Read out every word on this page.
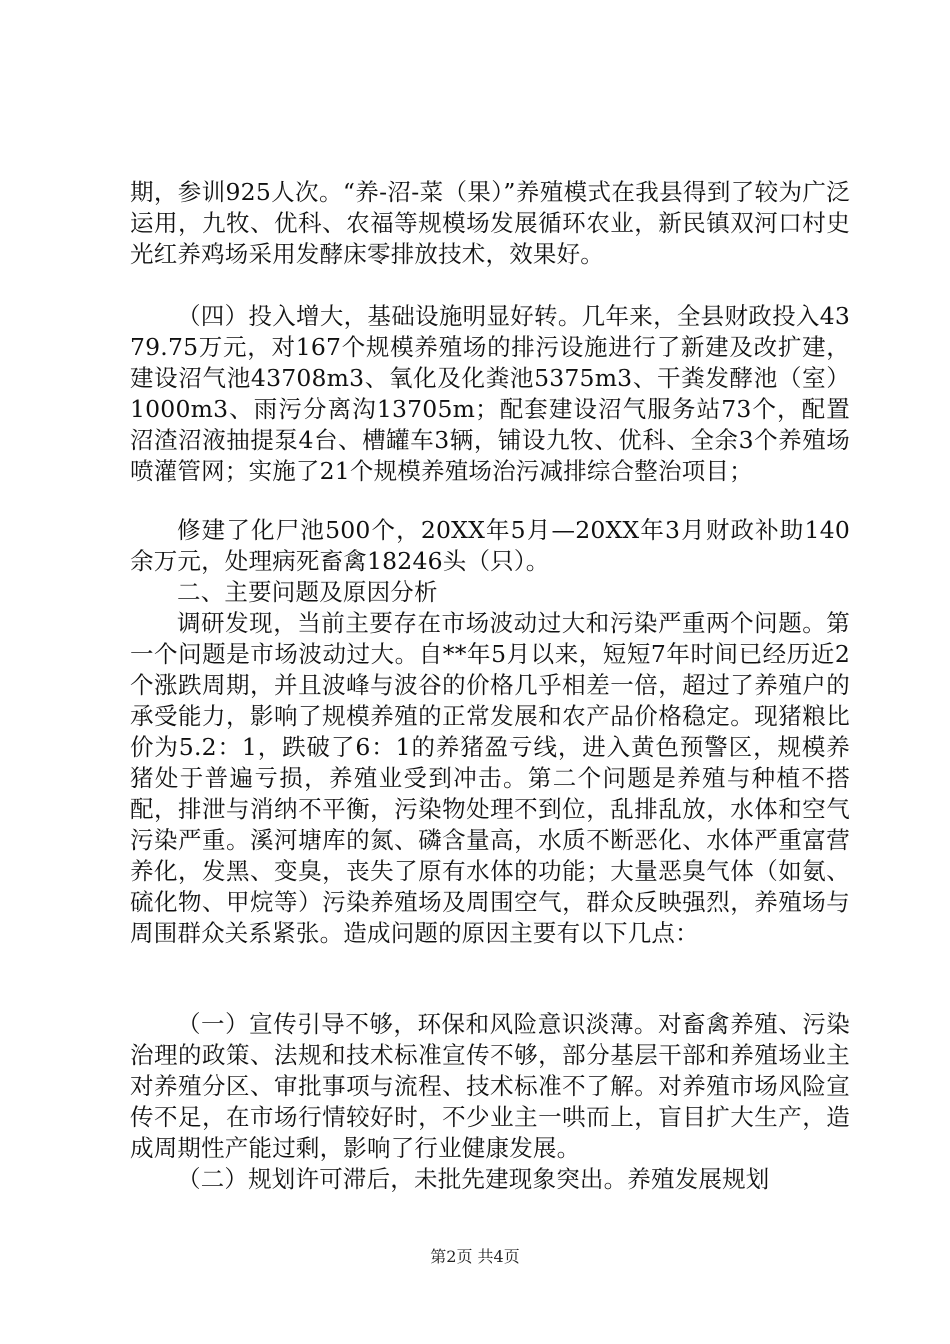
期，参训925人次。“养-沼-菜（果）”养殖模式在我县得到了较为广泛运用，九牧、优科、农福等规模场发展循环农业，新民镇双河口村史光红养鸡场采用发酵床零排放技术，效果好。

（四）投入增大，基础设施明显好转。几年来，全县财政投入4379.75万元，对167个规模养殖场的排污设施进行了新建及改扩建，建设沼气池43708m3、氧化及化粪池5375m3、干粪发酵池（室）1000m3、雨污分离沟13705m；配套建设沼气服务站73个，配置沼渣沼液抽提泵4台、槽罐车3辆，铺设九牧、优科、全余3个养殖场喷灌管网；实施了21个规模养殖场治污减排综合整治项目；

修建了化尸池500个，20XX年5月—20XX年3月财政补助140余万元，处理病死畜禽18246头（只）。

二、主要问题及原因分析

调研发现，当前主要存在市场波动过大和污染严重两个问题。第一个问题是市场波动过大。自**年5月以来，短短7年时间已经历近2个涨跌周期，并且波峰与波谷的价格几乎相差一倍，超过了养殖户的承受能力，影响了规模养殖的正常发展和农产品价格稳定。现猪粮比价为5.2：1，跌破了6：1的养猪盈亏线，进入黄色预警区，规模养猪处于普遍亏损，养殖业受到冲击。第二个问题是养殖与种植不搭配，排泄与消纳不平衡，污染物处理不到位，乱排乱放，水体和空气污染严重。溪河塘库的氮、磷含量高，水质不断恶化、水体严重富营养化，发黑、变臭，丧失了原有水体的功能；大量恶臭气体（如氨、硫化物、甲烷等）污染养殖场及周围空气，群众反映强烈，养殖场与周围群众关系紧张。造成问题的原因主要有以下几点：

（一）宣传引导不够，环保和风险意识淡薄。对畜禽养殖、污染治理的政策、法规和技术标准宣传不够，部分基层干部和养殖场业主对养殖分区、审批事项与流程、技术标准不了解。对养殖市场风险宣传不足，在市场行情较好时，不少业主一哄而上，盲目扩大生产，造成周期性产能过剩，影响了行业健康发展。

（二）规划许可滞后，未批先建现象突出。养殖发展规划

第2页 共4页
